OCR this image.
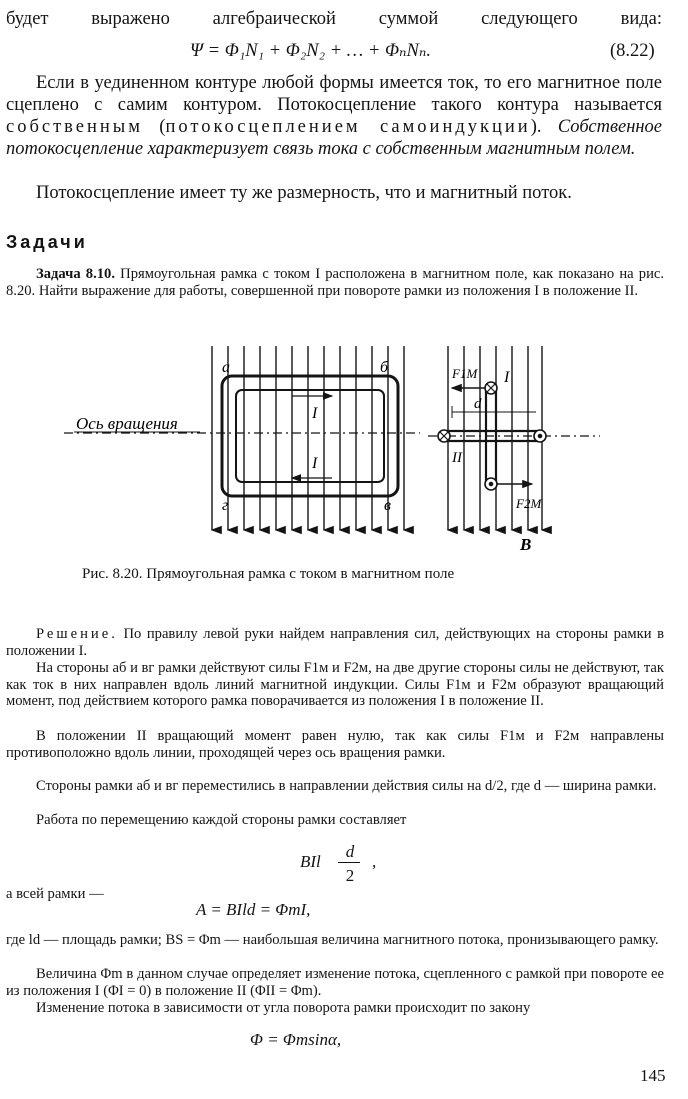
будет выражено алгебраической суммой следующего вида:

Ψ = Φ₁N₁ + Φ₂N₂ + … + ΦₙNₙ.	(8.22)

Если в уединенном контуре любой формы имеется ток, то его магнитное поле сцеплено с самим контуром. Потокосцепление такого контура называется собственным (потокосцеплением самоиндукции). Собственное потокосцепление характеризует связь тока с собственным магнитным полем.

Потокосцепление имеет ту же размерность, что и магнитный поток.

Задачи

Задача 8.10. Прямоугольная рамка с током I расположена в магнитном поле, как показано на рис. 8.20. Найти выражение для работы, совершенной при повороте рамки из положения I в положение II.

Ось вращения
а	б
г	в
I
I
F1M I
d
II
F2M
B
Рис. 8.20. Прямоугольная рамка с током в магнитном поле

Решение. По правилу левой руки найдем направления сил, действующих на стороны рамки в положении I.

На стороны аб и вг рамки действуют силы F1м и F2м, на две другие стороны силы не действуют, так как ток в них направлен вдоль линий магнитной индукции. Силы F1м и F2м образуют вращающий момент, под действием которого рамка поворачивается из положения I в положение II.

В положении II вращающий момент равен нулю, так как силы F1м и F2м направлены противоположно вдоль линии, проходящей через ось вращения рамки.

Стороны рамки аб и вг переместились в направлении действия силы на d/2, где d — ширина рамки.

Работа по перемещению каждой стороны рамки составляет

BIl
d
2
,

а всей рамки —

A = BIld = ΦmI,

где ld — площадь рамки; BS = Φm — наибольшая величина магнитного потока, пронизывающего рамку.

Величина Φm в данном случае определяет изменение потока, сцепленного с рамкой при повороте ее из положения I (ΦI = 0) в положение II (ΦII = Φm).

Изменение потока в зависимости от угла поворота рамки происходит по закону

Φ = Φmsinα,
145
